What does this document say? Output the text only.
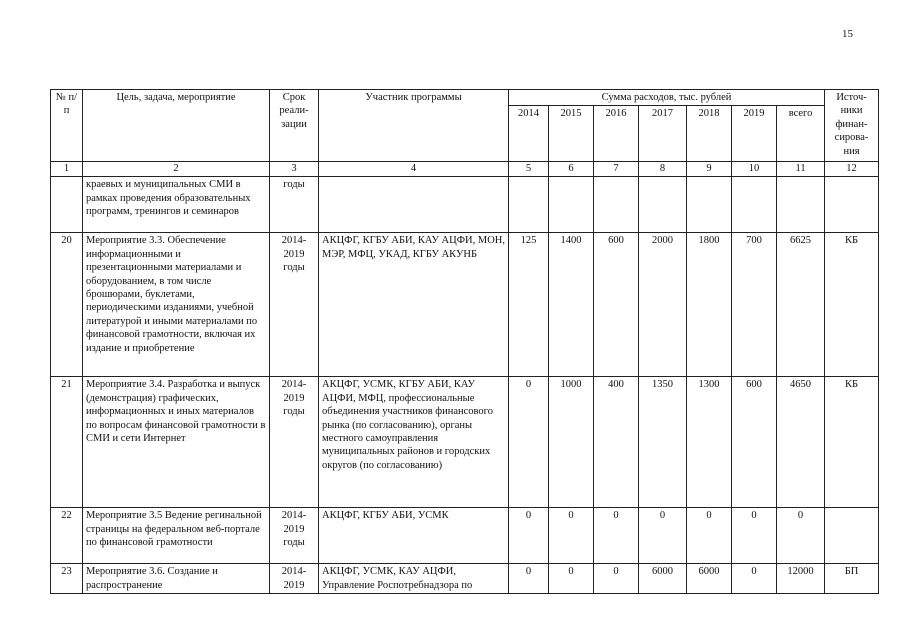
15
№ п/п	Цель, задача, мероприятие	Срок реали-зации	Участник программы	Сумма расходов, тыс. рублей							Источ-ники финан-сирова-ния
				2014	2015	2016	2017	2018	2019	всего	
1	2	3	4	5	6	7	8	9	10	11	12
	краевых и муниципальных СМИ в рамках проведения образовательных программ, тренингов и семинаров	годы									
20	Мероприятие 3.3. Обеспечение информационными и презентационными материалами и оборудованием, в том числе брошюрами, буклетами, периодическими изданиями, учебной литературой и иными материалами по финансовой грамотности, включая их издание и приобретение	2014-2019 годы	АКЦФГ, КГБУ АБИ, КАУ АЦФИ, МОН, МЭР, МФЦ, УКАД, КГБУ АКУНБ	125	1400	600	2000	1800	700	6625	КБ
21	Мероприятие 3.4. Разработка и выпуск (демонстрация) графических, информационных и иных материалов по вопросам финансовой грамотности в СМИ и сети Интернет	2014-2019 годы	АКЦФГ, УСМК, КГБУ АБИ, КАУ АЦФИ, МФЦ, профессиональные объединения участников финансового рынка (по согласованию), органы местного самоуправления муниципальных районов и городских округов (по согласованию)	0	1000	400	1350	1300	600	4650	КБ
22	Мероприятие 3.5 Ведение регинальной страницы на федеральном веб-портале по финансовой грамотности	2014-2019 годы	АКЦФГ, КГБУ АБИ, УСМК	0	0	0	0	0	0	0	
23	Мероприятие 3.6. Создание и распространение	2014-2019	АКЦФГ, УСМК, КАУ АЦФИ, Управление Роспотребнадзора по	0	0	0	6000	6000	0	12000	БП
